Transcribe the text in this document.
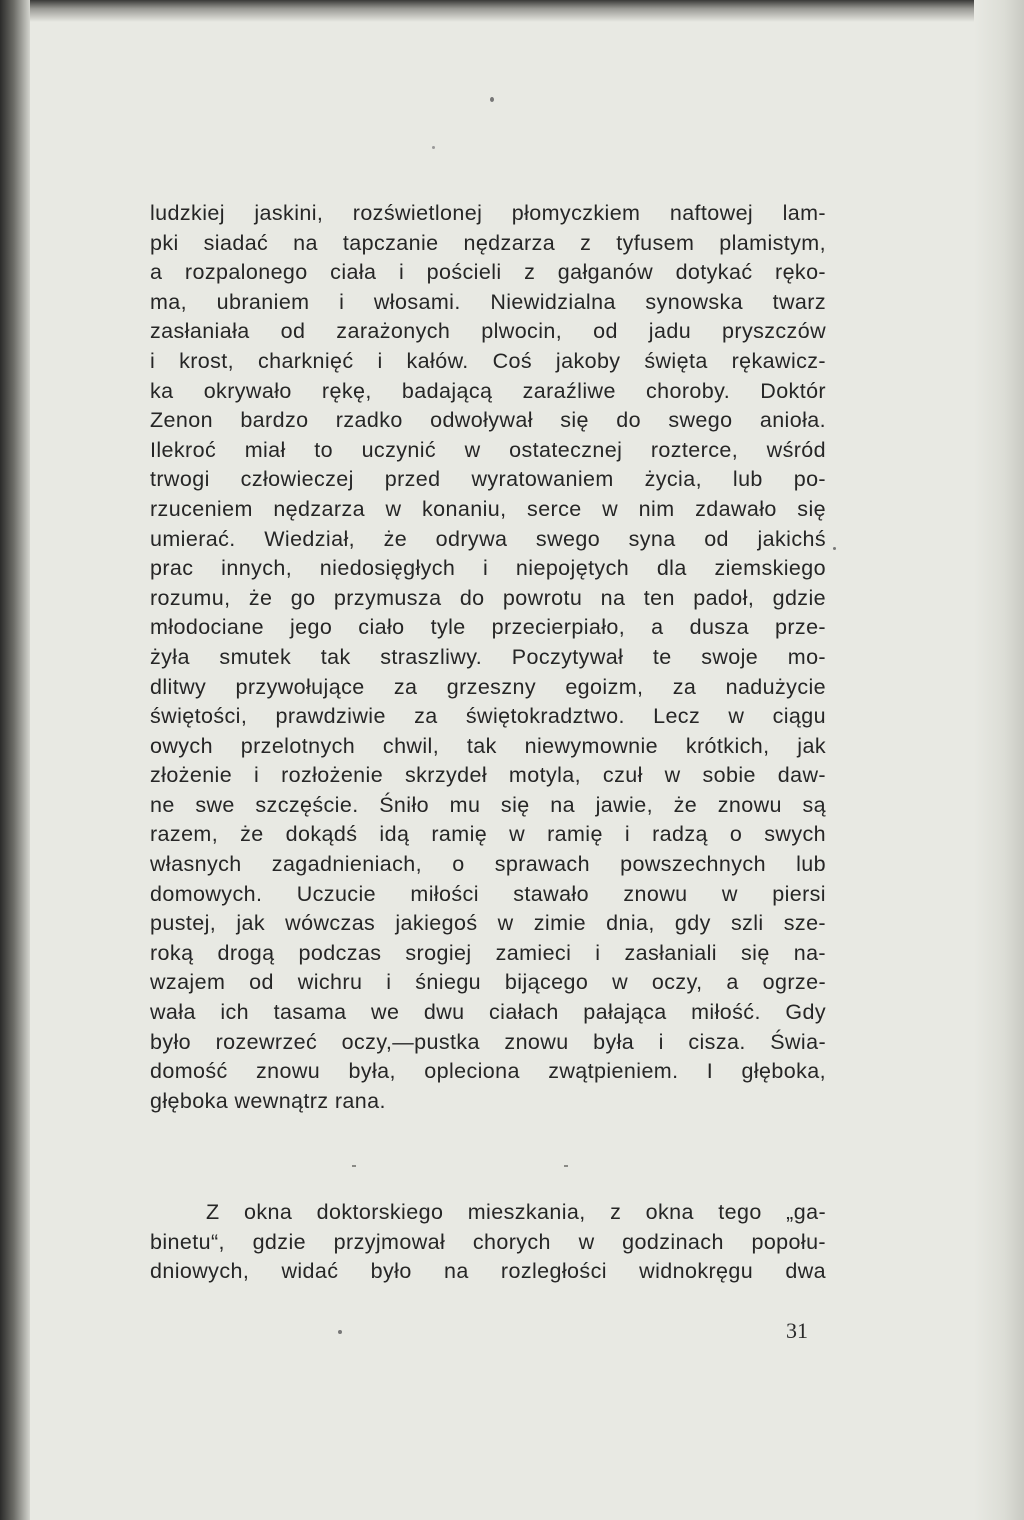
ludzkiej jaskini, rozświetlonej płomyczkiem naftowej lam-
pki siadać na tapczanie nędzarza z tyfusem plamistym,
a rozpalonego ciała i pościeli z gałganów dotykać ręko-
ma, ubraniem i włosami. Niewidzialna synowska twarz
zasłaniała od zarażonych plwocin, od jadu pryszczów
i krost, charknięć i kałów. Coś jakoby święta rękawicz-
ka okrywało rękę, badającą zaraźliwe choroby. Doktór
Zenon bardzo rzadko odwoływał się do swego anioła.
Ilekroć miał to uczynić w ostatecznej rozterce, wśród
trwogi człowieczej przed wyratowaniem życia, lub po-
rzuceniem nędzarza w konaniu, serce w nim zdawało się
umierać. Wiedział, że odrywa swego syna od jakichś
prac innych, niedosięgłych i niepojętych dla ziemskiego
rozumu, że go przymusza do powrotu na ten padoł, gdzie
młodociane jego ciało tyle przecierpiało, a dusza prze-
żyła smutek tak straszliwy. Poczytywał te swoje mo-
dlitwy przywołujące za grzeszny egoizm, za nadużycie
świętości, prawdziwie za świętokradztwo. Lecz w ciągu
owych przelotnych chwil, tak niewymownie krótkich, jak
złożenie i rozłożenie skrzydeł motyla, czuł w sobie daw-
ne swe szczęście. Śniło mu się na jawie, że znowu są
razem, że dokądś idą ramię w ramię i radzą o swych
własnych zagadnieniach, o sprawach powszechnych lub
domowych. Uczucie miłości stawało znowu w piersi
pustej, jak wówczas jakiegoś w zimie dnia, gdy szli sze-
roką drogą podczas srogiej zamieci i zasłaniali się na-
wzajem od wichru i śniegu bijącego w oczy, a ogrze-
wała ich tasama we dwu ciałach pałająca miłość. Gdy
było rozewrzeć oczy,—pustka znowu była i cisza. Świa-
domość znowu była, opleciona zwątpieniem. I głęboka,
głęboka wewnątrz rana.
Z okna doktorskiego mieszkania, z okna tego „ga-
binetu“, gdzie przyjmował chorych w godzinach popołu-
dniowych, widać było na rozległości widnokręgu dwa
31
